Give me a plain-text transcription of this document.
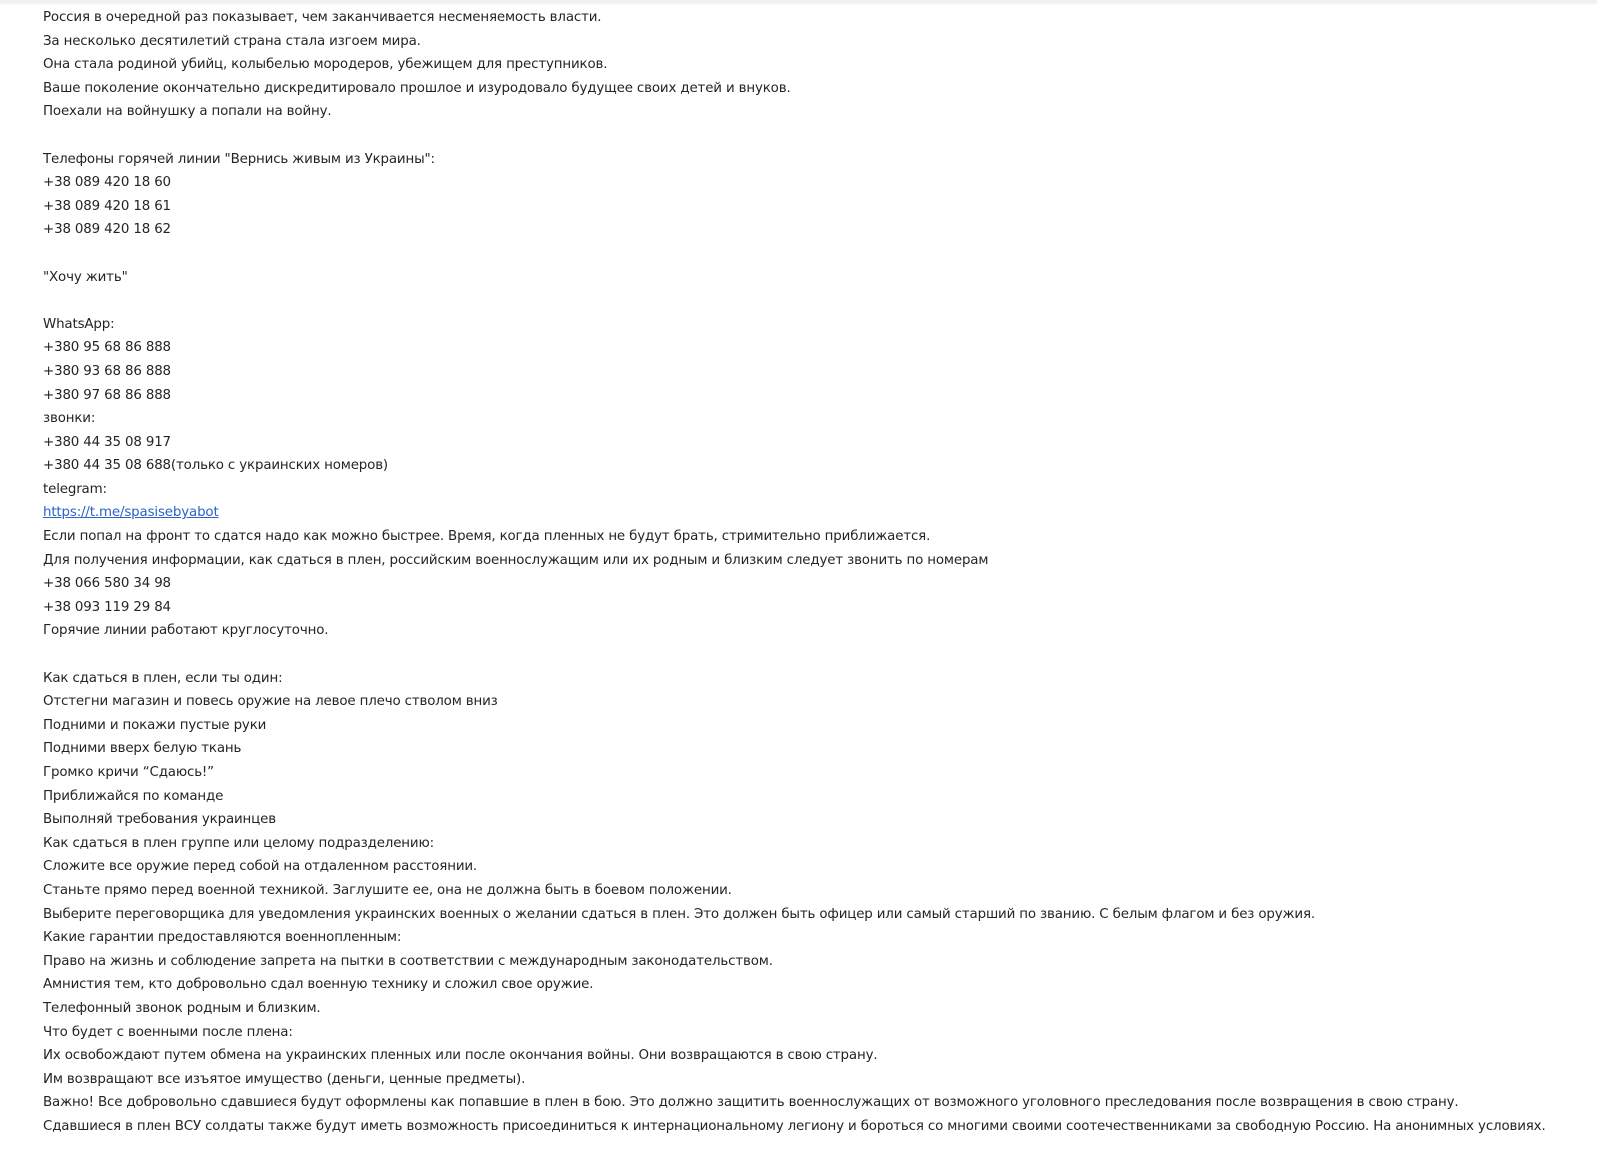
Россия в очередной раз показывает, чем заканчивается несменяемость власти.
За несколько десятилетий страна стала изгоем мира.
Она стала родиной убийц, колыбелью мородеров, убежищем для преступников.
Ваше поколение окончательно дискредитировало прошлое и изуродовало будущее своих детей и внуков.
Поехали на войнушку а попали на войну.
Телефоны горячей линии "Вернись живым из Украины":
+38 089 420 18 60
+38 089 420 18 61
+38 089 420 18 62
"Хочу жить"
WhatsApp:
+380 95 68 86 888
+380 93 68 86 888
+380 97 68 86 888
звонки:
+380 44 35 08 917
+380 44 35 08 688(только с украинских номеров)
telegram:
https://t.me/spasisebyabot
Если попал на фронт то сдатся надо как можно быстрее. Время, когда пленных не будут брать, стримительно приближается.
Для получения информации, как сдаться в плен, российским военнослужащим или их родным и близким следует звонить по номерам
+38 066 580 34 98
+38 093 119 29 84
Горячие линии работают круглосуточно.
Как сдаться в плен, если ты один:
Отстегни магазин и повесь оружие на левое плечо стволом вниз
Подними и покажи пустые руки
Подними вверх белую ткань
Громко кричи “Сдаюсь!”
Приближайся по команде
Выполняй требования украинцев
Как сдаться в плен группе или целому подразделению:
Сложите все оружие перед собой на отдаленном расстоянии.
Станьте прямо перед военной техникой. Заглушите ее, она не должна быть в боевом положении.
Выберите переговорщика для уведомления украинских военных о желании сдаться в плен. Это должен быть офицер или самый старший по званию. С белым флагом и без оружия.
Какие гарантии предоставляются военнопленным:
Право на жизнь и соблюдение запрета на пытки в соответствии с международным законодательством.
Амнистия тем, кто добровольно сдал военную технику и сложил свое оружие.
Телефонный звонок родным и близким.
Что будет с военными после плена:
Их освобождают путем обмена на украинских пленных или после окончания войны. Они возвращаются в свою страну.
Им возвращают все изъятое имущество (деньги, ценные предметы).
Важно! Все добровольно сдавшиеся будут оформлены как попавшие в плен в бою. Это должно защитить военнослужащих от возможного уголовного преследования после возвращения в свою страну.
Сдавшиеся в плен ВСУ солдаты также будут иметь возможность присоединиться к интернациональному легиону и бороться со многими своими соотечественниками за свободную Россию. На анонимных условиях.
